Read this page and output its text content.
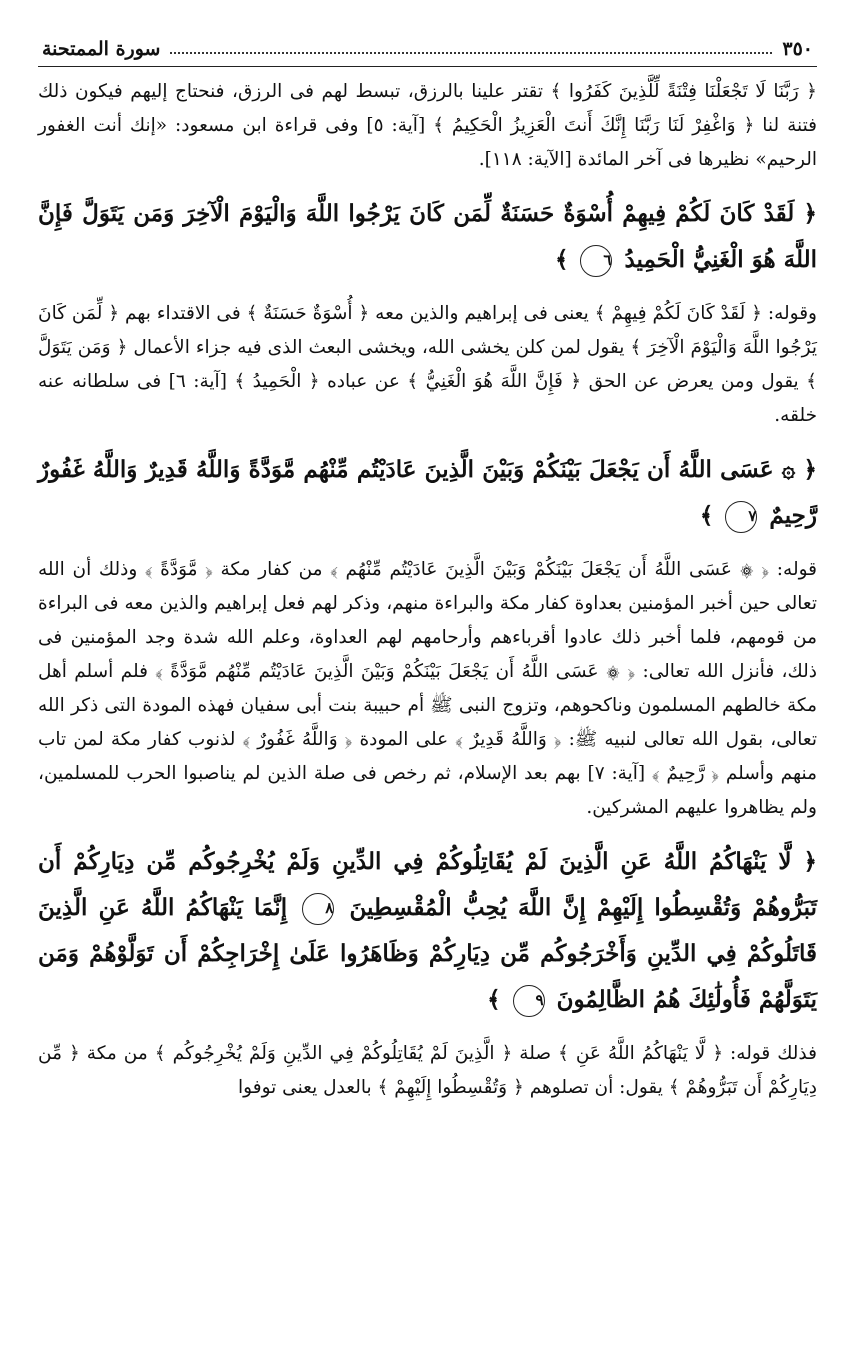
٣٥٠
سورة الممتحنة

﴿ رَبَّنَا لَا تَجْعَلْنَا فِتْنَةً لِّلَّذِينَ كَفَرُوا ﴾ تقتر علينا بالرزق، تبسط لهم فى الرزق، فنحتاج إليهم فيكون ذلك فتنة لنا ﴿ وَاغْفِرْ لَنَا رَبَّنَا إِنَّكَ أَنتَ الْعَزِيزُ الْحَكِيمُ ﴾ [آية: ٥] وفى قراءة ابن مسعود: «إنك أنت الغفور الرحيم» نظيرها فى آخر المائدة [الآية: ١١٨].

﴿ لَقَدْ كَانَ لَكُمْ فِيهِمْ أُسْوَةٌ حَسَنَةٌ لِّمَن كَانَ يَرْجُوا اللَّهَ وَالْيَوْمَ الْآخِرَ وَمَن يَتَوَلَّ فَإِنَّ اللَّهَ هُوَ الْغَنِيُّ الْحَمِيدُ ٦ ﴾

وقوله: ﴿ لَقَدْ كَانَ لَكُمْ فِيهِمْ ﴾ يعنى فى إبراهيم والذين معه ﴿ أُسْوَةٌ حَسَنَةٌ ﴾ فى الاقتداء بهم ﴿ لِّمَن كَانَ يَرْجُوا اللَّهَ وَالْيَوْمَ الْآخِرَ ﴾ يقول لمن كلن يخشى الله، ويخشى البعث الذى فيه جزاء الأعمال ﴿ وَمَن يَتَوَلَّ ﴾ يقول ومن يعرض عن الحق ﴿ فَإِنَّ اللَّهَ هُوَ الْغَنِيُّ ﴾ عن عباده ﴿ الْحَمِيدُ ﴾ [آية: ٦] فى سلطانه عنه خلقه.

﴿ ۞ عَسَى اللَّهُ أَن يَجْعَلَ بَيْنَكُمْ وَبَيْنَ الَّذِينَ عَادَيْتُم مِّنْهُم مَّوَدَّةً وَاللَّهُ قَدِيرٌ وَاللَّهُ غَفُورٌ رَّحِيمٌ ٧ ﴾

قوله: ﴿ ۞ عَسَى اللَّهُ أَن يَجْعَلَ بَيْنَكُمْ وَبَيْنَ الَّذِينَ عَادَيْتُم مِّنْهُم ﴾ من كفار مكة ﴿ مَّوَدَّةً ﴾ وذلك أن الله تعالى حين أخبر المؤمنين بعداوة كفار مكة والبراءة منهم، وذكر لهم فعل إبراهيم والذين معه فى البراءة من قومهم، فلما أخبر ذلك عادوا أقرباءهم وأرحامهم لهم العداوة، وعلم الله شدة وجد المؤمنين فى ذلك، فأنزل الله تعالى: ﴿ ۞ عَسَى اللَّهُ أَن يَجْعَلَ بَيْنَكُمْ وَبَيْنَ الَّذِينَ عَادَيْتُم مِّنْهُم مَّوَدَّةً ﴾ فلم أسلم أهل مكة خالطهم المسلمون وناكحوهم، وتزوج النبى ﷺ أم حبيبة بنت أبى سفيان فهذه المودة التى ذكر الله تعالى، بقول الله تعالى لنبيه ﷺ: ﴿ وَاللَّهُ قَدِيرٌ ﴾ على المودة ﴿ وَاللَّهُ غَفُورٌ ﴾ لذنوب كفار مكة لمن تاب منهم وأسلم ﴿ رَّحِيمٌ ﴾ [آية: ٧] بهم بعد الإسلام، ثم رخص فى صلة الذين لم يناصبوا الحرب للمسلمين، ولم يظاهروا عليهم المشركين.

﴿ لَّا يَنْهَاكُمُ اللَّهُ عَنِ الَّذِينَ لَمْ يُقَاتِلُوكُمْ فِي الدِّينِ وَلَمْ يُخْرِجُوكُم مِّن دِيَارِكُمْ أَن تَبَرُّوهُمْ وَتُقْسِطُوا إِلَيْهِمْ إِنَّ اللَّهَ يُحِبُّ الْمُقْسِطِينَ ٨ إِنَّمَا يَنْهَاكُمُ اللَّهُ عَنِ الَّذِينَ قَاتَلُوكُمْ فِي الدِّينِ وَأَخْرَجُوكُم مِّن دِيَارِكُمْ وَظَاهَرُوا عَلَىٰ إِخْرَاجِكُمْ أَن تَوَلَّوْهُمْ وَمَن يَتَوَلَّهُمْ فَأُولَٰئِكَ هُمُ الظَّالِمُونَ ٩ ﴾

فذلك قوله: ﴿ لَّا يَنْهَاكُمُ اللَّهُ عَنِ ﴾ صلة ﴿ الَّذِينَ لَمْ يُقَاتِلُوكُمْ فِي الدِّينِ وَلَمْ يُخْرِجُوكُم ﴾ من مكة ﴿ مِّن دِيَارِكُمْ أَن تَبَرُّوهُمْ ﴾ يقول: أن تصلوهم ﴿ وَتُقْسِطُوا إِلَيْهِمْ ﴾ بالعدل يعنى توفوا
